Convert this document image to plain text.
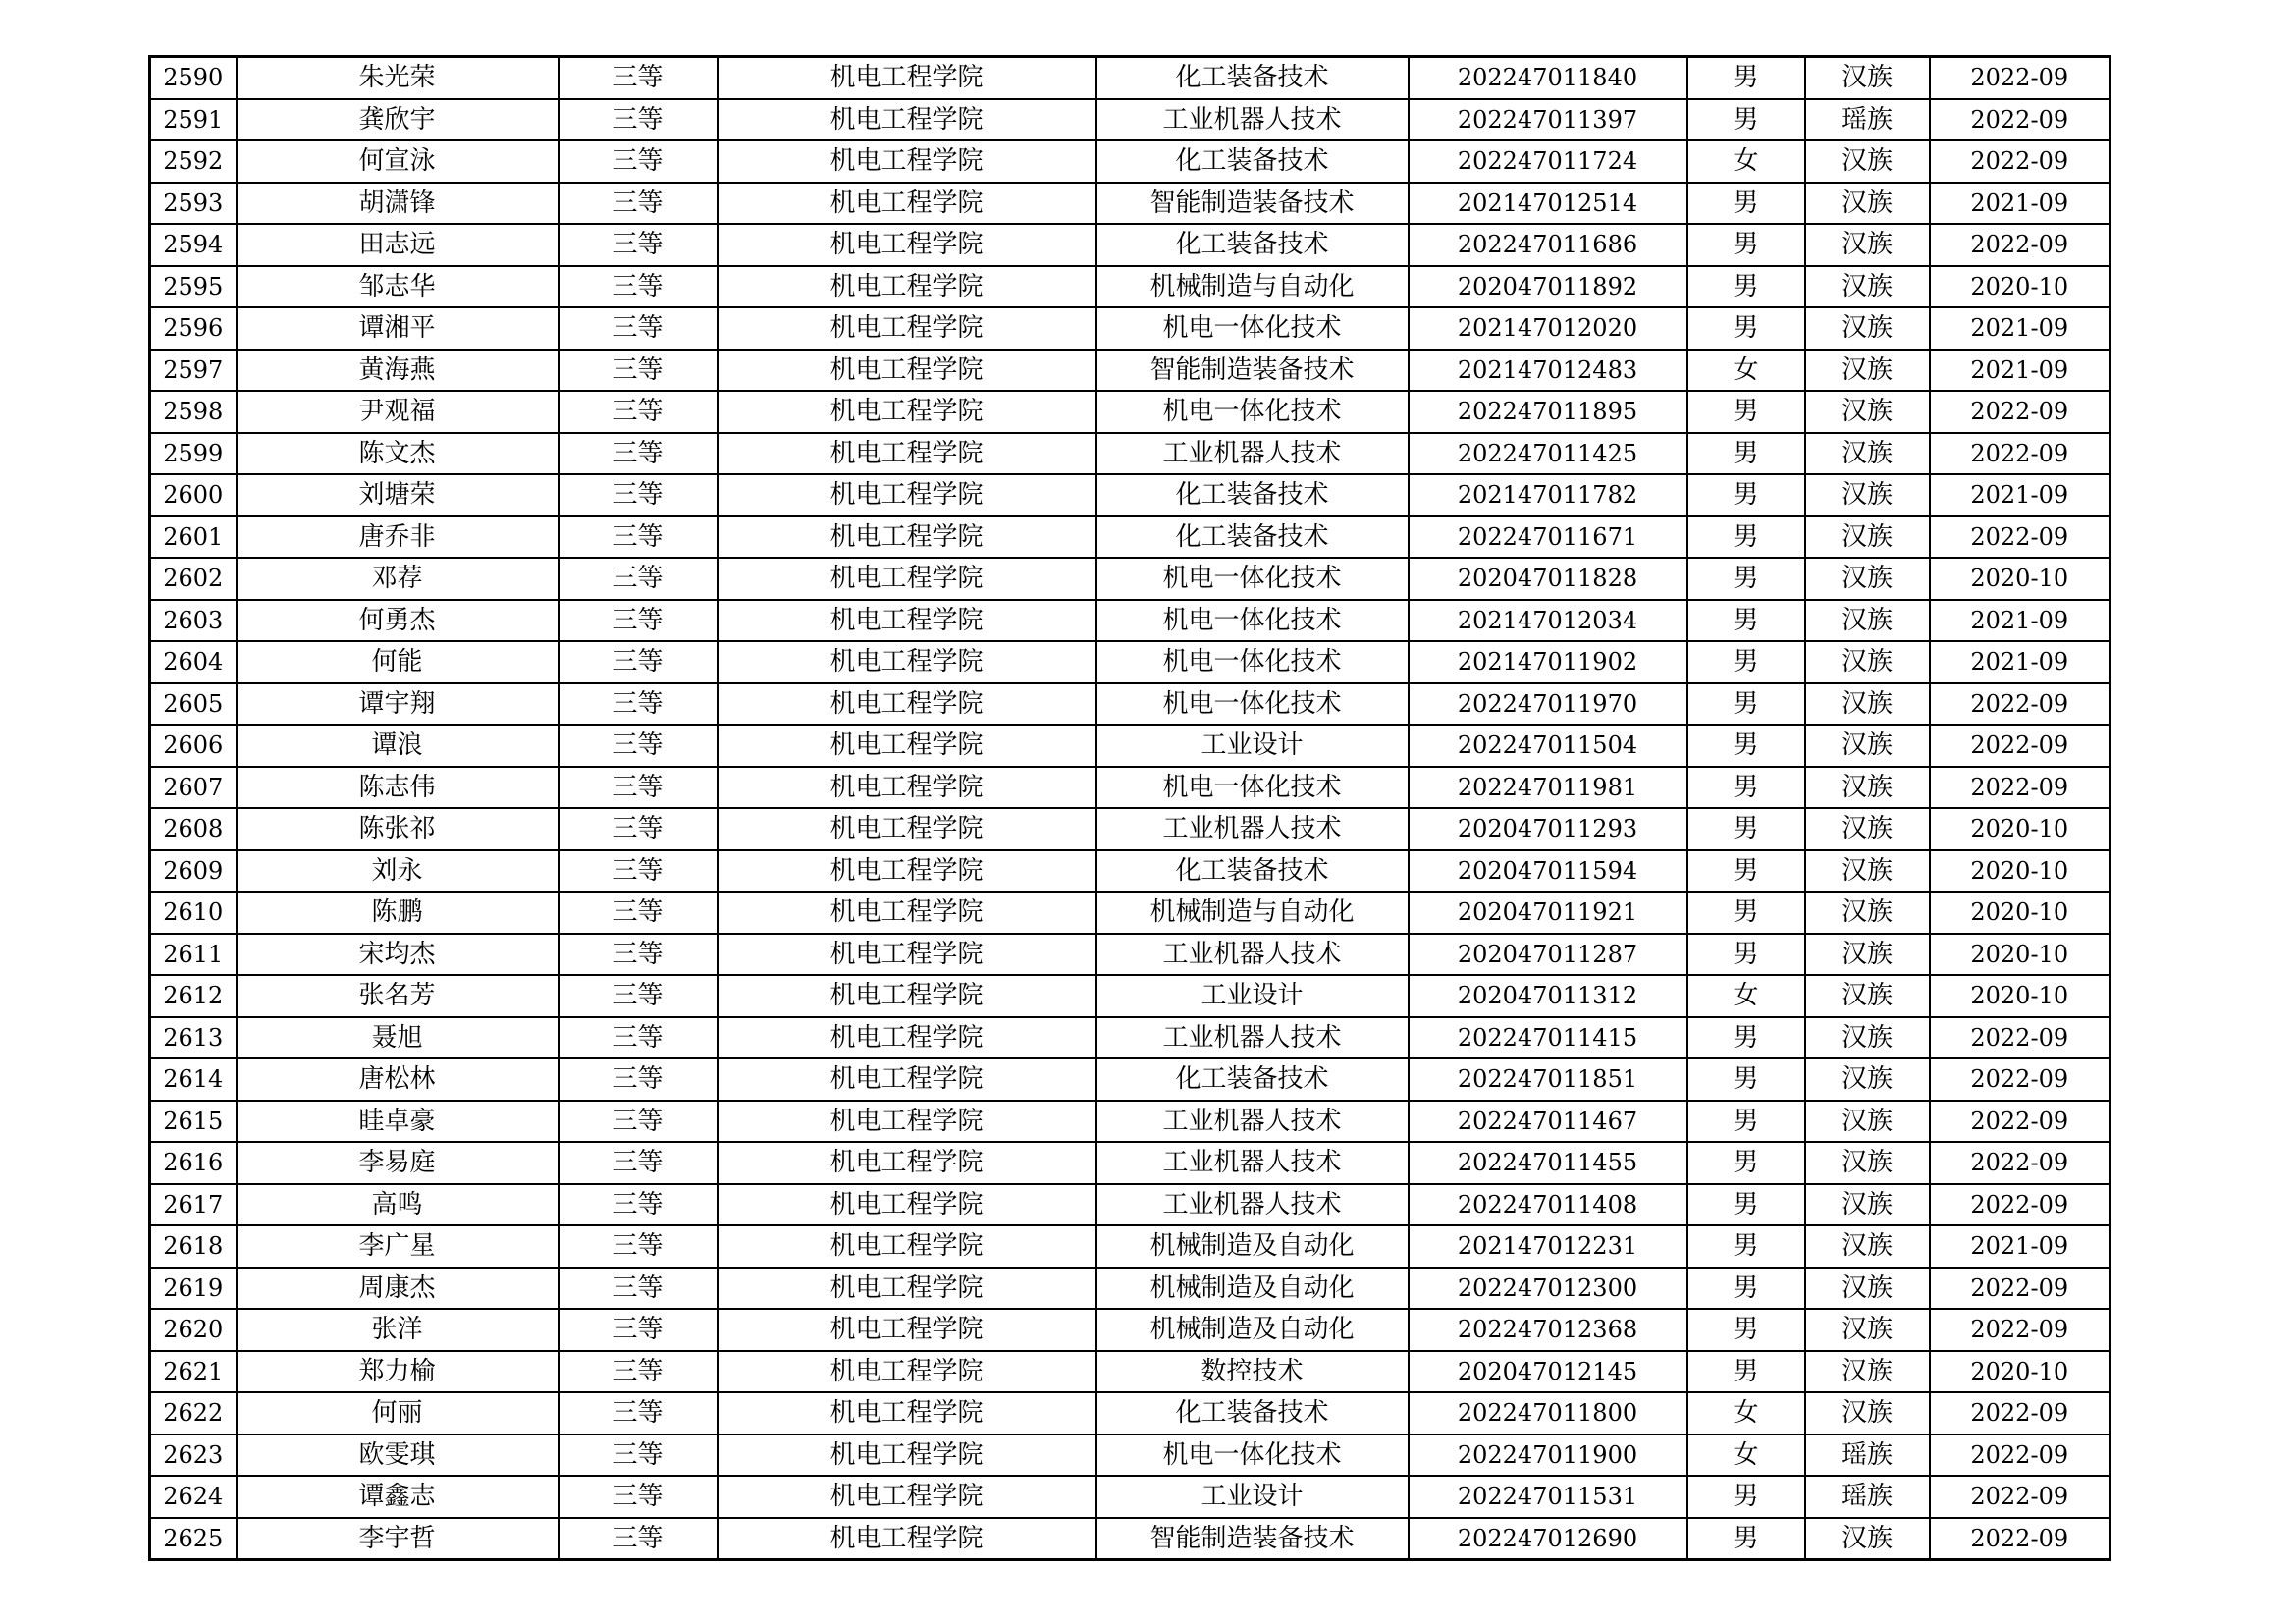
2590	朱光荣	三等	机电工程学院	化工装备技术	202247011840	男	汉族	2022-09
2591	龚欣宇	三等	机电工程学院	工业机器人技术	202247011397	男	瑶族	2022-09
2592	何宣泳	三等	机电工程学院	化工装备技术	202247011724	女	汉族	2022-09
2593	胡潇锋	三等	机电工程学院	智能制造装备技术	202147012514	男	汉族	2021-09
2594	田志远	三等	机电工程学院	化工装备技术	202247011686	男	汉族	2022-09
2595	邹志华	三等	机电工程学院	机械制造与自动化	202047011892	男	汉族	2020-10
2596	谭湘平	三等	机电工程学院	机电一体化技术	202147012020	男	汉族	2021-09
2597	黄海燕	三等	机电工程学院	智能制造装备技术	202147012483	女	汉族	2021-09
2598	尹观福	三等	机电工程学院	机电一体化技术	202247011895	男	汉族	2022-09
2599	陈文杰	三等	机电工程学院	工业机器人技术	202247011425	男	汉族	2022-09
2600	刘塘荣	三等	机电工程学院	化工装备技术	202147011782	男	汉族	2021-09
2601	唐乔非	三等	机电工程学院	化工装备技术	202247011671	男	汉族	2022-09
2602	邓荐	三等	机电工程学院	机电一体化技术	202047011828	男	汉族	2020-10
2603	何勇杰	三等	机电工程学院	机电一体化技术	202147012034	男	汉族	2021-09
2604	何能	三等	机电工程学院	机电一体化技术	202147011902	男	汉族	2021-09
2605	谭宇翔	三等	机电工程学院	机电一体化技术	202247011970	男	汉族	2022-09
2606	谭浪	三等	机电工程学院	工业设计	202247011504	男	汉族	2022-09
2607	陈志伟	三等	机电工程学院	机电一体化技术	202247011981	男	汉族	2022-09
2608	陈张祁	三等	机电工程学院	工业机器人技术	202047011293	男	汉族	2020-10
2609	刘永	三等	机电工程学院	化工装备技术	202047011594	男	汉族	2020-10
2610	陈鹏	三等	机电工程学院	机械制造与自动化	202047011921	男	汉族	2020-10
2611	宋均杰	三等	机电工程学院	工业机器人技术	202047011287	男	汉族	2020-10
2612	张名芳	三等	机电工程学院	工业设计	202047011312	女	汉族	2020-10
2613	聂旭	三等	机电工程学院	工业机器人技术	202247011415	男	汉族	2022-09
2614	唐松林	三等	机电工程学院	化工装备技术	202247011851	男	汉族	2022-09
2615	眭卓豪	三等	机电工程学院	工业机器人技术	202247011467	男	汉族	2022-09
2616	李易庭	三等	机电工程学院	工业机器人技术	202247011455	男	汉族	2022-09
2617	高鸣	三等	机电工程学院	工业机器人技术	202247011408	男	汉族	2022-09
2618	李广星	三等	机电工程学院	机械制造及自动化	202147012231	男	汉族	2021-09
2619	周康杰	三等	机电工程学院	机械制造及自动化	202247012300	男	汉族	2022-09
2620	张洋	三等	机电工程学院	机械制造及自动化	202247012368	男	汉族	2022-09
2621	郑力榆	三等	机电工程学院	数控技术	202047012145	男	汉族	2020-10
2622	何丽	三等	机电工程学院	化工装备技术	202247011800	女	汉族	2022-09
2623	欧雯琪	三等	机电工程学院	机电一体化技术	202247011900	女	瑶族	2022-09
2624	谭鑫志	三等	机电工程学院	工业设计	202247011531	男	瑶族	2022-09
2625	李宇哲	三等	机电工程学院	智能制造装备技术	202247012690	男	汉族	2022-09
